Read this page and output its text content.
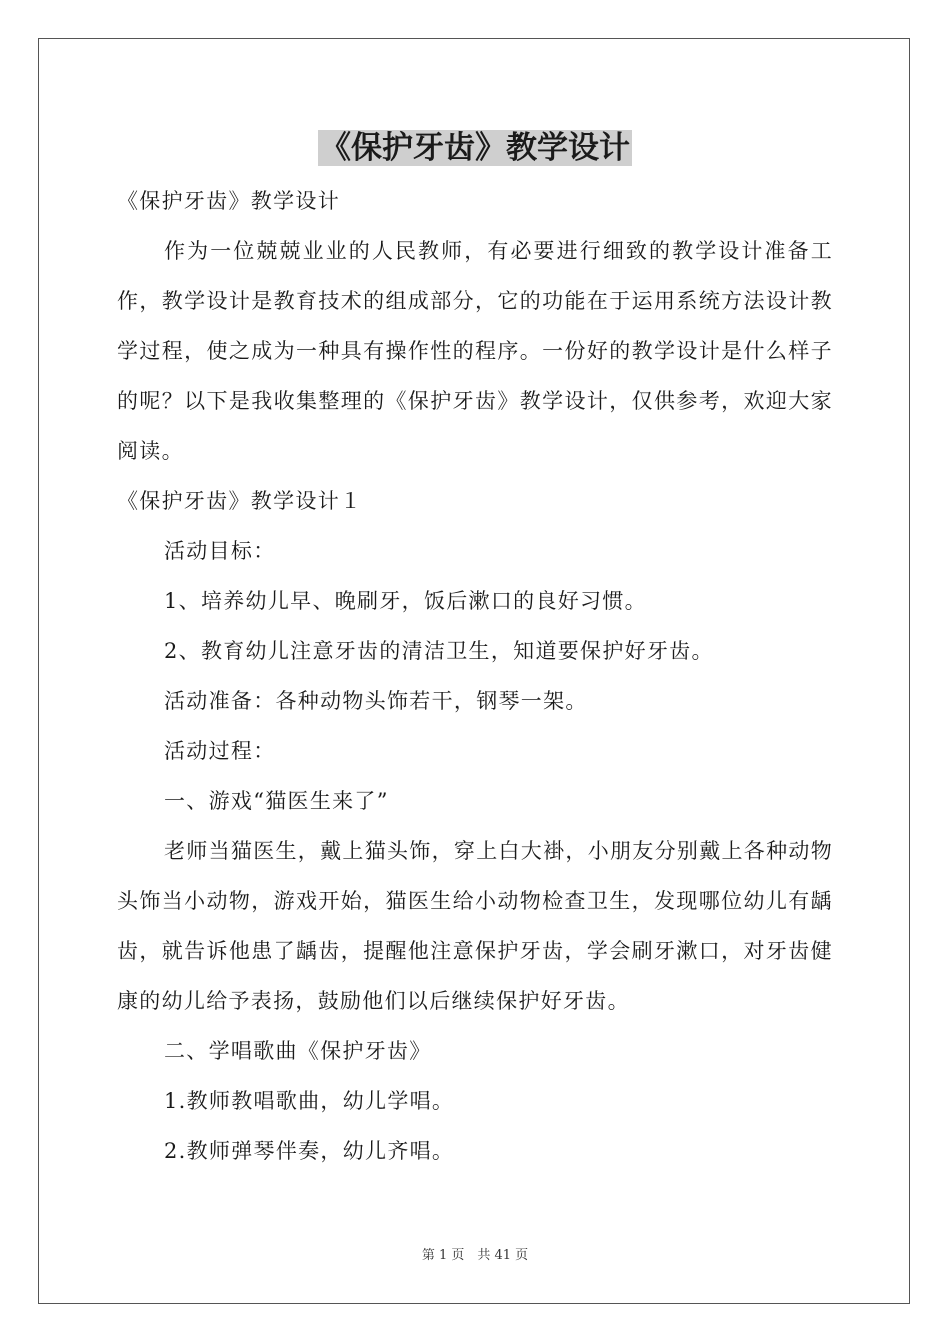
《保护牙齿》教学设计

《保护牙齿》教学设计

作为一位兢兢业业的人民教师，有必要进行细致的教学设计准备工作，教学设计是教育技术的组成部分，它的功能在于运用系统方法设计教学过程，使之成为一种具有操作性的程序。一份好的教学设计是什么样子的呢？以下是我收集整理的《保护牙齿》教学设计，仅供参考，欢迎大家阅读。

《保护牙齿》教学设计１

活动目标：

1、培养幼儿早、晚刷牙，饭后漱口的良好习惯。

2、教育幼儿注意牙齿的清洁卫生，知道要保护好牙齿。

活动准备：各种动物头饰若干，钢琴一架。

活动过程：

一、游戏“猫医生来了”

老师当猫医生，戴上猫头饰，穿上白大褂，小朋友分别戴上各种动物头饰当小动物，游戏开始，猫医生给小动物检查卫生，发现哪位幼儿有龋齿，就告诉他患了龋齿，提醒他注意保护牙齿，学会刷牙漱口，对牙齿健康的幼儿给予表扬，鼓励他们以后继续保护好牙齿。

二、学唱歌曲《保护牙齿》

1.教师教唱歌曲，幼儿学唱。

2.教师弹琴伴奏，幼儿齐唱。

第 1 页　共 41 页
